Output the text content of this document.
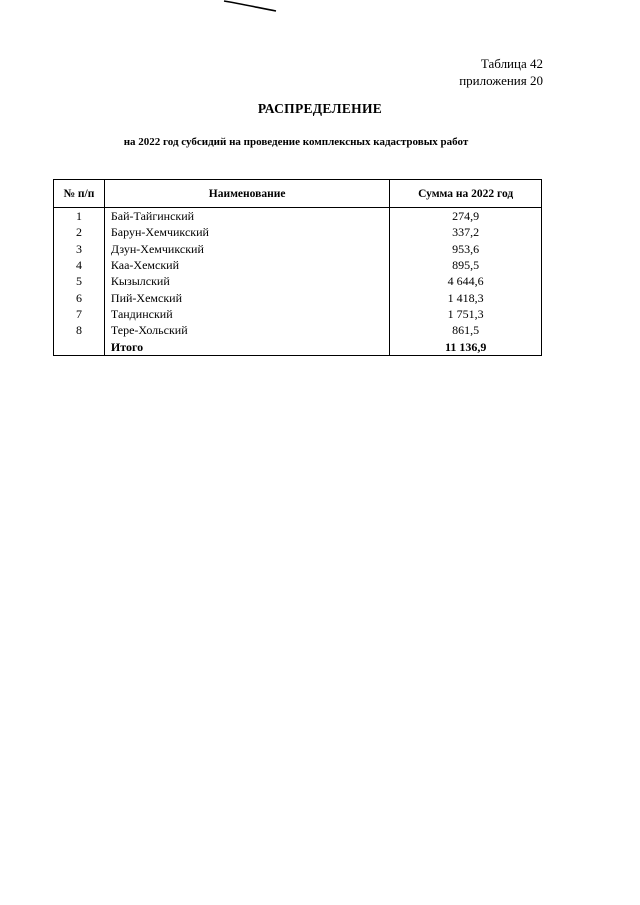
Таблица 42
приложения 20
РАСПРЕДЕЛЕНИЕ
на 2022 год субсидий на проведение комплексных кадастровых работ
№ п/п	Наименование	Сумма на 2022 год
1	Бай-Тайгинский	274,9
2	Барун-Хемчикский	337,2
3	Дзун-Хемчикский	953,6
4	Каа-Хемский	895,5
5	Кызылский	4 644,6
6	Пий-Хемский	1 418,3
7	Тандинский	1 751,3
8	Тере-Хольский	861,5
	Итого	11 136,9
